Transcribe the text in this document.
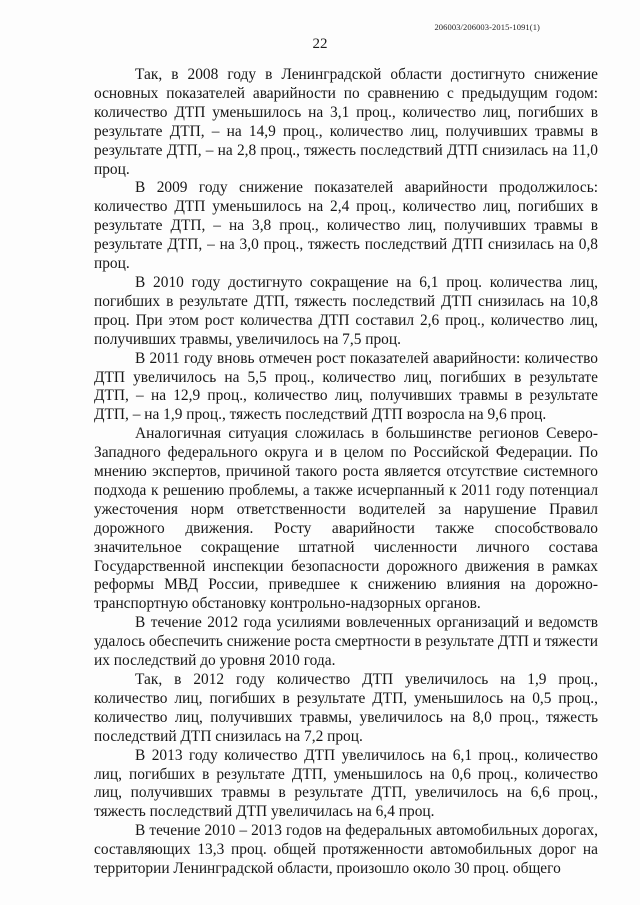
206003/206003-2015-1091(1)
22

Так, в 2008 году в Ленинградской области достигнуто снижение основных показателей аварийности по сравнению с предыдущим годом: количество ДТП уменьшилось на 3,1 проц., количество лиц, погибших в результате ДТП, – на 14,9 проц., количество лиц, получивших травмы в результате ДТП, – на 2,8 проц., тяжесть последствий ДТП снизилась на 11,0 проц.

В 2009 году снижение показателей аварийности продолжилось: количество ДТП уменьшилось на 2,4 проц., количество лиц, погибших в результате ДТП, – на 3,8 проц., количество лиц, получивших травмы в результате ДТП, – на 3,0 проц., тяжесть последствий ДТП снизилась на 0,8 проц.

В 2010 году достигнуто сокращение на 6,1 проц. количества лиц, погибших в результате ДТП, тяжесть последствий ДТП снизилась на 10,8 проц. При этом рост количества ДТП составил 2,6 проц., количество лиц, получивших травмы, увеличилось на 7,5 проц.

В 2011 году вновь отмечен рост показателей аварийности: количество ДТП увеличилось на 5,5 проц., количество лиц, погибших в результате ДТП, – на 12,9 проц., количество лиц, получивших травмы в результате ДТП, – на 1,9 проц., тяжесть последствий ДТП возросла на 9,6 проц.

Аналогичная ситуация сложилась в большинстве регионов Северо-Западного федерального округа и в целом по Российской Федерации. По мнению экспертов, причиной такого роста является отсутствие системного подхода к решению проблемы, а также исчерпанный к 2011 году потенциал ужесточения норм ответственности водителей за нарушение Правил дорожного движения. Росту аварийности также способствовало значительное сокращение штатной численности личного состава Государственной инспекции безопасности дорожного движения в рамках реформы МВД России, приведшее к снижению влияния на дорожно-транспортную обстановку контрольно-надзорных органов.

В течение 2012 года усилиями вовлеченных организаций и ведомств удалось обеспечить снижение роста смертности в результате ДТП и тяжести их последствий до уровня 2010 года.

Так, в 2012 году количество ДТП увеличилось на 1,9 проц., количество лиц, погибших в результате ДТП, уменьшилось на 0,5 проц., количество лиц, получивших травмы, увеличилось на 8,0 проц., тяжесть последствий ДТП снизилась на 7,2 проц.

В 2013 году количество ДТП увеличилось на 6,1 проц., количество лиц, погибших в результате ДТП, уменьшилось на 0,6 проц., количество лиц, получивших травмы в результате ДТП, увеличилось на 6,6 проц., тяжесть последствий ДТП увеличилась на 6,4 проц.

В течение 2010 – 2013 годов на федеральных автомобильных дорогах, составляющих 13,3 проц. общей протяженности автомобильных дорог на территории Ленинградской области, произошло около 30 проц. общего
